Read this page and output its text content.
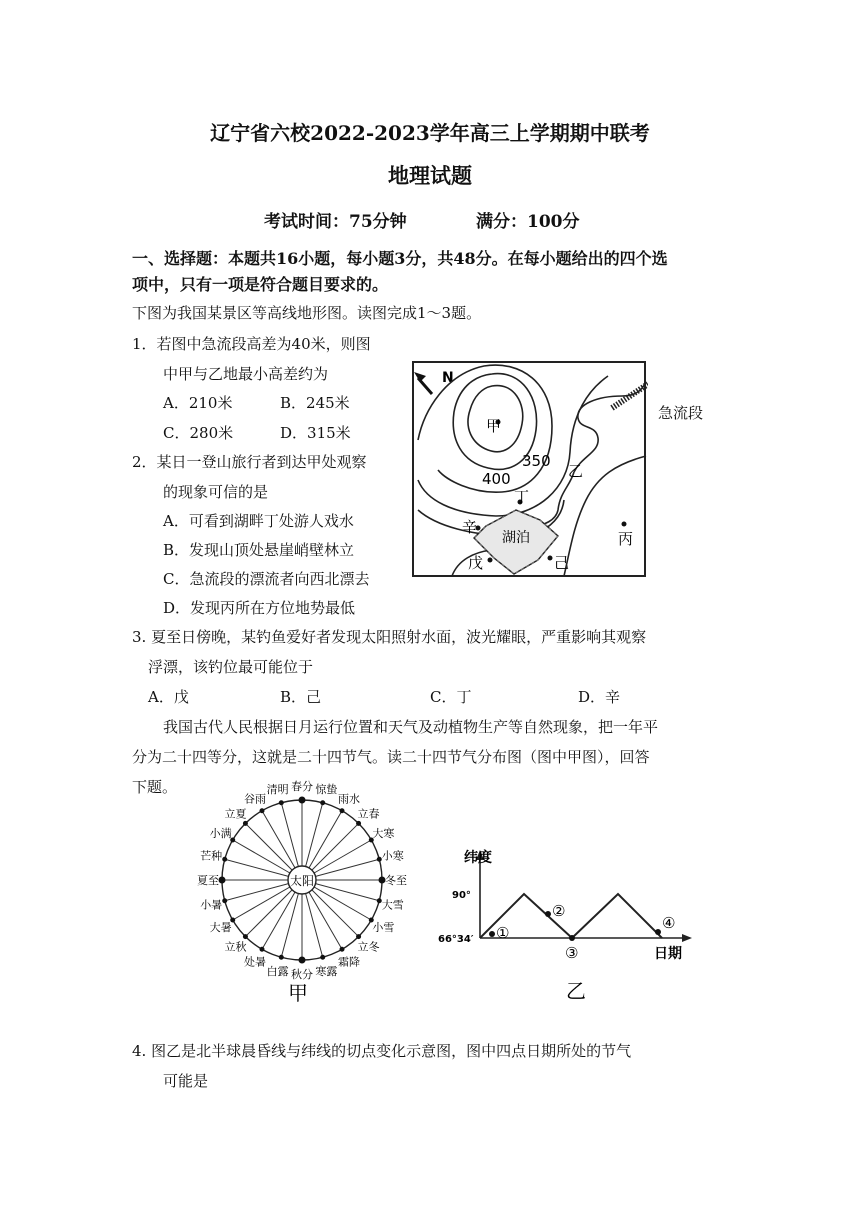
辽宁省六校2022-2023学年高三上学期期中联考
地理试题
考试时间：75分钟	满分：100分
一、选择题：本题共16小题，每小题3分，共48分。在每小题给出的四个选
项中，只有一项是符合题目要求的。
下图为我国某景区等高线地形图。读图完成1～3题。
1．若图中急流段高差为40米，则图
中甲与乙地最小高差约为
A．210米	B．245米
C．280米	D．315米
2．某日一登山旅行者到达甲处观察
的现象可信的是
A．可看到湖畔丁处游人戏水
B．发现山顶处悬崖峭壁林立
C．急流段的漂流者向西北漂去
D．发现丙所在方位地势最低
N
甲
乙
丙
丁
戊	己
辛
湖泊
400
350
急流段
3. 夏至日傍晚，某钓鱼爱好者发现太阳照射水面，波光耀眼，严重影响其观察
浮漂，该钓位最可能位于
A．戊	B．己	C．丁	D．辛
我国古代人民根据日月运行位置和天气及动植物生产等自然现象，把一年平
分为二十四等分，这就是二十四节气。读二十四节气分布图（图中甲图），回答
下题。
太阳
春分 惊蛰
雨水
立春
大寒
小寒
冬至
大雪
小雪
立冬
霜降
寒露
秋分
白露
处暑
立秋
大暑
小暑
夏至
芒种
小满
立夏
谷雨
清明
甲
纬度
日期
90°
66°34′ ①
②
③
④
乙
4. 图乙是北半球晨昏线与纬线的切点变化示意图，图中四点日期所处的节气
可能是
